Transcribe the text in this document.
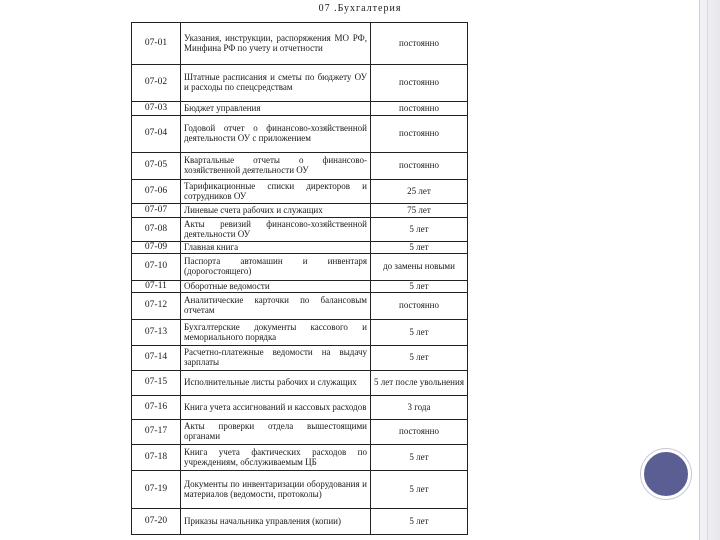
07 .Бухгалтерия
07-01	Указания, инструкции, распоряжения МО РФ, Минфина РФ по учету и отчетности	постоянно
07-02	Штатные расписания и сметы по бюджету ОУ и расходы по спецсредствам	постоянно
07-03	Бюджет управления	постоянно
07-04	Годовой отчет о финансово-хозяйственной деятельности ОУ с приложением	постоянно
07-05	Квартальные отчеты о финансово-хозяйственной деятельности ОУ	постоянно
07-06	Тарификационные списки директоров и сотрудников ОУ	25 лет
07-07	Линевые счета рабочих и служащих	75 лет
07-08	Акты ревизий финансово-хозяйственной деятельности ОУ	5 лет
07-09	Главная книга	5 лет
07-10	Паспорта автомашин и инвентаря (дорогостоящего)	до замены новыми
07-11	Оборотные ведомости	5 лет
07-12	Аналитические карточки по балансовым отчетам	постоянно
07-13	Бухгалтерские документы кассового и мемориального порядка	5 лет
07-14	Расчетно-платежные ведомости на выдачу зарплаты	5 лет
07-15	Исполнительные листы рабочих и служащих	5 лет после увольнения
07-16	Книга учета ассигнований и кассовых расходов	3 года
07-17	Акты проверки отдела вышестоящими органами	постоянно
07-18	Книга учета фактических расходов по учреждениям, обслуживаемым ЦБ	5 лет
07-19	Документы по инвентаризации оборудования и материалов (ведомости, протоколы)	5 лет
07-20	Приказы начальника управления (копии)	5 лет
